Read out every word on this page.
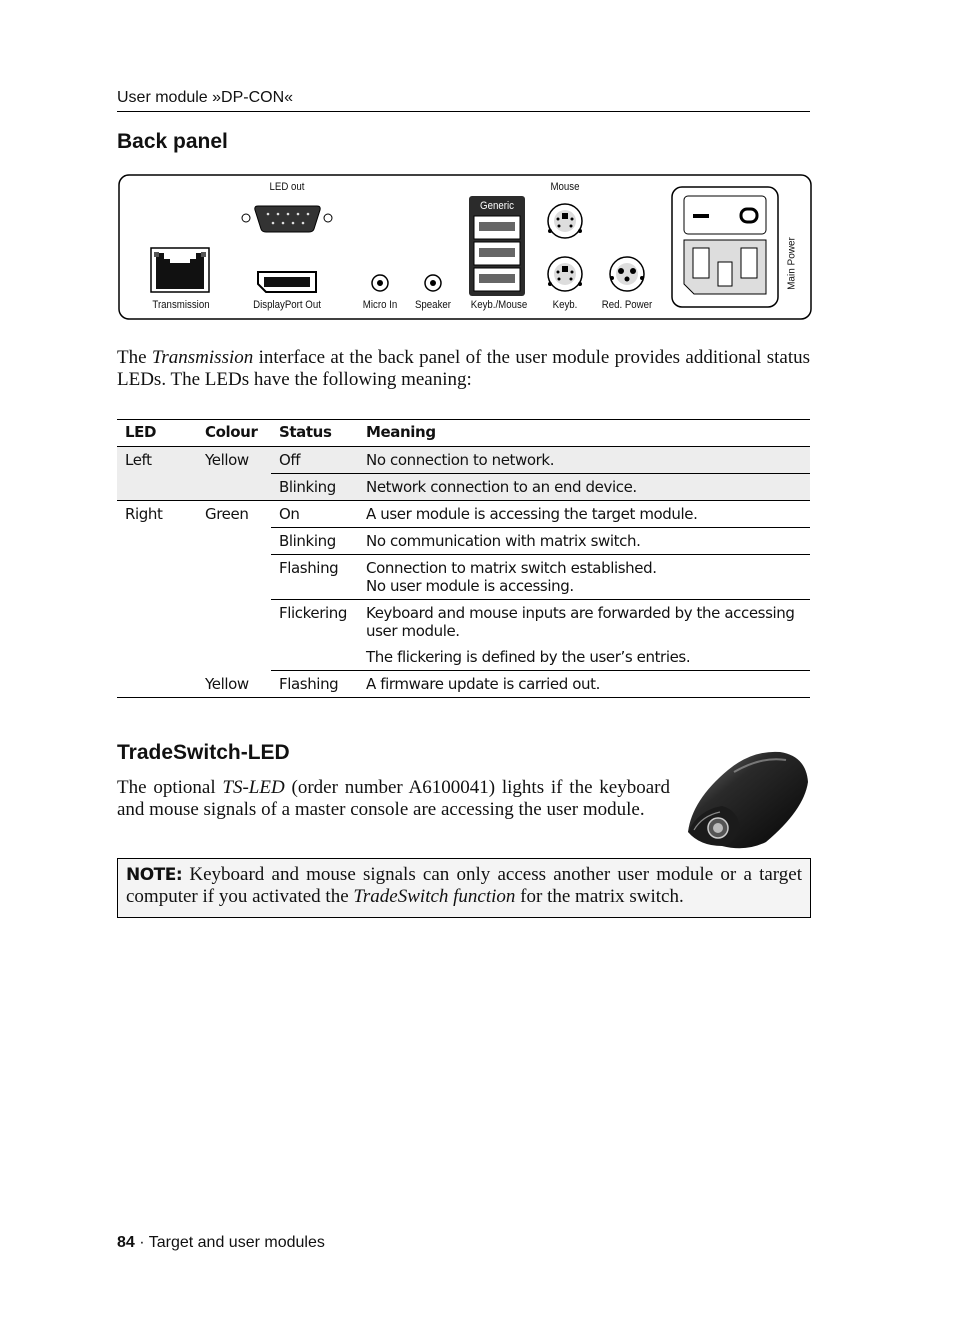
User module »DP-CON«
Back panel
LED out
Generic
Mouse
Transmission	DisplayPort Out	Micro In	Speaker	Keyb./Mouse	Keyb.	Red. Power
Main Power

The Transmission interface at the back panel of the user module provides additional status LEDs. The LEDs have the following meaning:

LED	Colour	Status	Meaning
Left	Yellow	Off	No connection to network.
		Blinking	Network connection to an end device.
Right	Green	On	A user module is accessing the target module.
		Blinking	No communication with matrix switch.
		Flashing	Connection to matrix switch established.
No user module is accessing.

		Flickering	Keyboard and mouse inputs are forwarded by the accessing user module.
The flickering is defined by the user’s entries.

	Yellow	Flashing	A firmware update is carried out.
TradeSwitch-LED

The optional TS-LED (order number A6100041) lights if the keyboard and mouse signals of a master console are accessing the user module.

NOTE: Keyboard and mouse signals can only access another user module or a target computer if you activated the TradeSwitch function for the matrix switch.
84 · Target and user modules
